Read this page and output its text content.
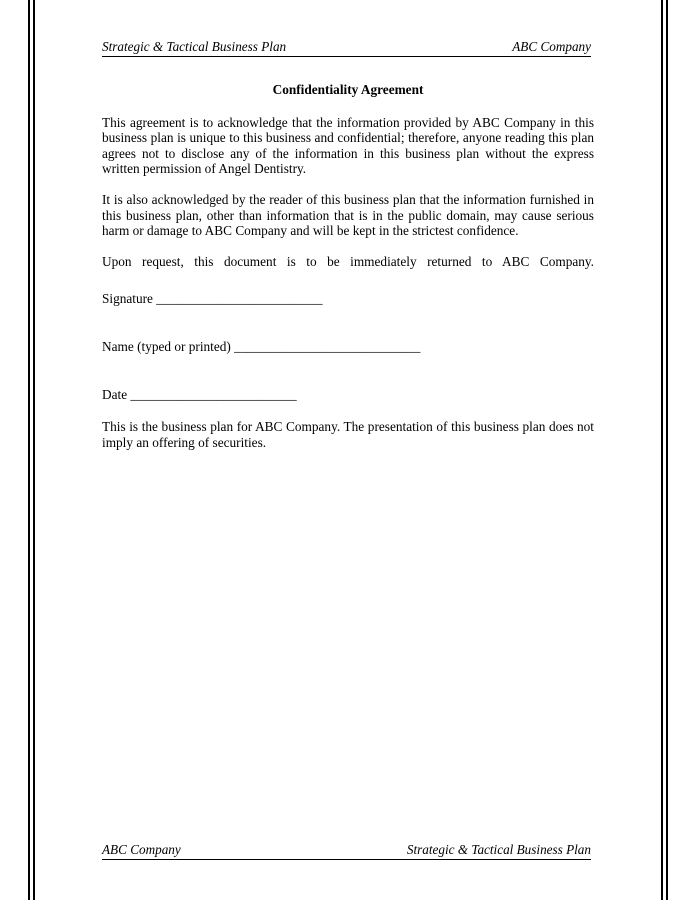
Strategic & Tactical Business Plan	ABC Company
Confidentiality Agreement

This agreement is to acknowledge that the information provided by ABC Company in this business plan is unique to this business and confidential; therefore, anyone reading this plan agrees not to disclose any of the information in this business plan without the express written permission of Angel Dentistry.

It is also acknowledged by the reader of this business plan that the information furnished in this business plan, other than information that is in the public domain, may cause serious harm or damage to ABC Company and will be kept in the strictest confidence.

Upon request, this document is to be immediately returned to ABC Company.

Signature _________________________
Name (typed or printed) ____________________________
Date _________________________

This is the business plan for ABC Company. The presentation of this business plan does not imply an offering of securities.

ABC Company	Strategic & Tactical Business Plan
